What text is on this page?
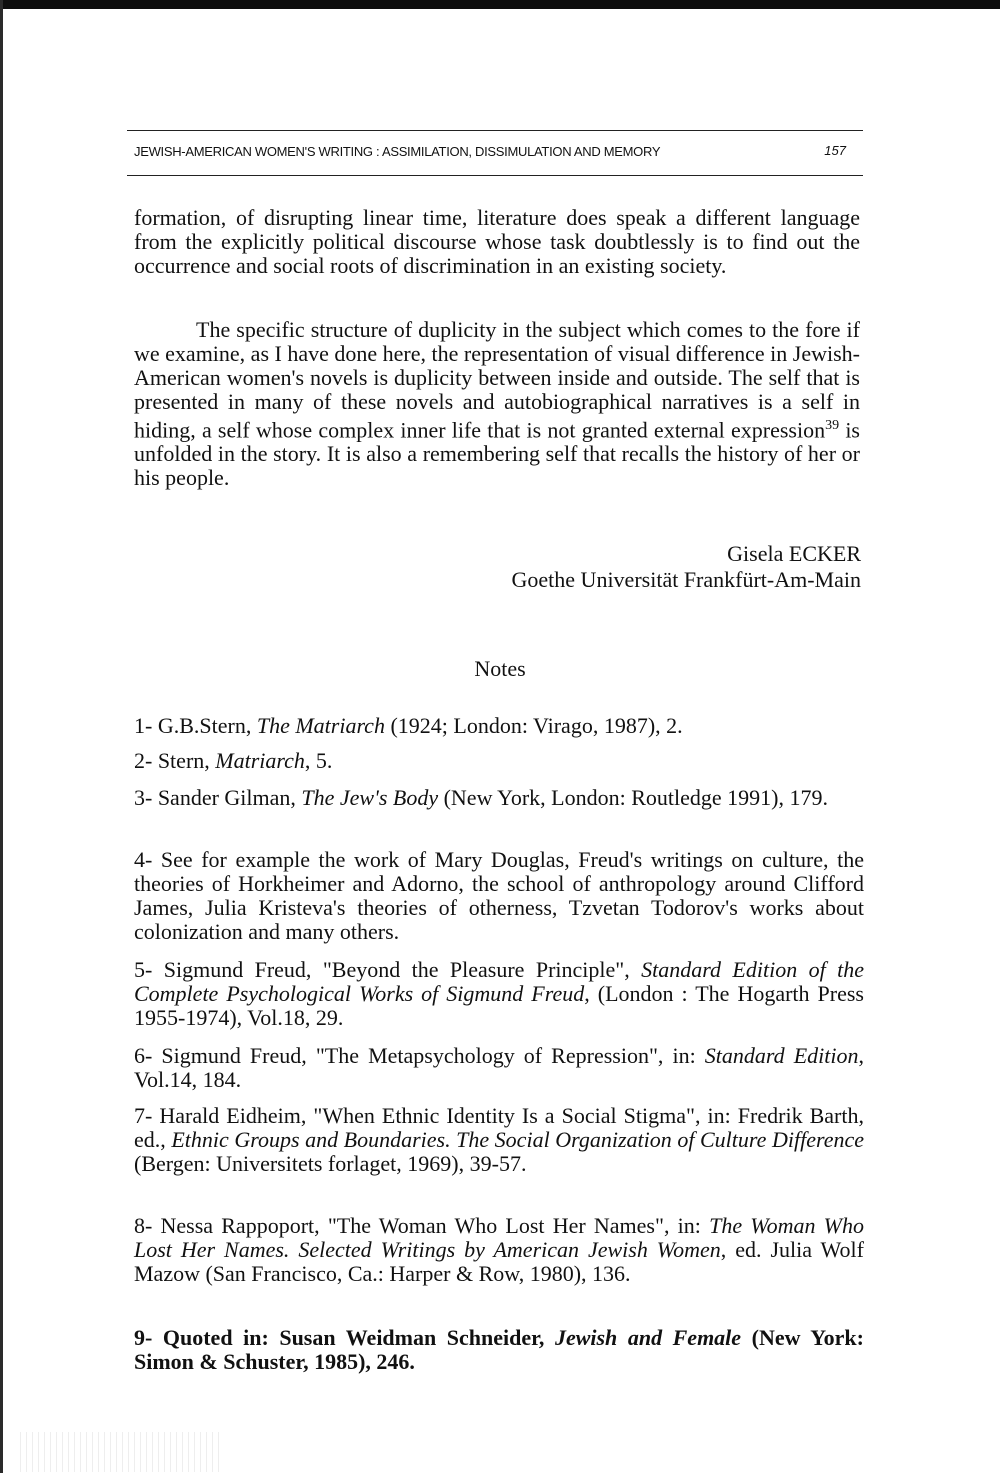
JEWISH-AMERICAN WOMEN'S WRITING : ASSIMILATION, DISSIMULATION AND MEMORY	157

formation, of disrupting linear time, literature does speak a different language from the explicitly political discourse whose task doubtlessly is to find out the occurrence and social roots of discrimination in an existing society.

The specific structure of duplicity in the subject which comes to the fore if we examine, as I have done here, the representation of visual difference in Jewish-American women's novels is duplicity between inside and outside. The self that is presented in many of these novels and autobiographical narratives is a self in hiding, a self whose complex inner life that is not granted external expression$^{39}$ is unfolded in the story. It is also a remembering self that recalls the history of her or his people.

Gisela ECKER
Goethe Universität Frankfürt-Am-Main
Notes

1- G.B.Stern, The Matriarch (1924; London: Virago, 1987), 2.

2- Stern, Matriarch, 5.

3- Sander Gilman, The Jew's Body (New York, London: Routledge 1991), 179.

4- See for example the work of Mary Douglas, Freud's writings on culture, the theories of Horkheimer and Adorno, the school of anthropology around Clifford James, Julia Kristeva's theories of otherness, Tzvetan Todorov's works about colonization and many others.

5- Sigmund Freud, "Beyond the Pleasure Principle", Standard Edition of the Complete Psychological Works of Sigmund Freud, (London : The Hogarth Press 1955-1974), Vol.18, 29.

6- Sigmund Freud, "The Metapsychology of Repression", in: Standard Edition, Vol.14, 184.

7- Harald Eidheim, "When Ethnic Identity Is a Social Stigma", in: Fredrik Barth, ed., Ethnic Groups and Boundaries. The Social Organization of Culture Difference (Bergen: Universitets forlaget, 1969), 39-57.

8- Nessa Rappoport, "The Woman Who Lost Her Names", in: The Woman Who Lost Her Names. Selected Writings by American Jewish Women, ed. Julia Wolf Mazow (San Francisco, Ca.: Harper & Row, 1980), 136.

9- Quoted in: Susan Weidman Schneider, Jewish and Female (New York: Simon & Schuster, 1985), 246.
